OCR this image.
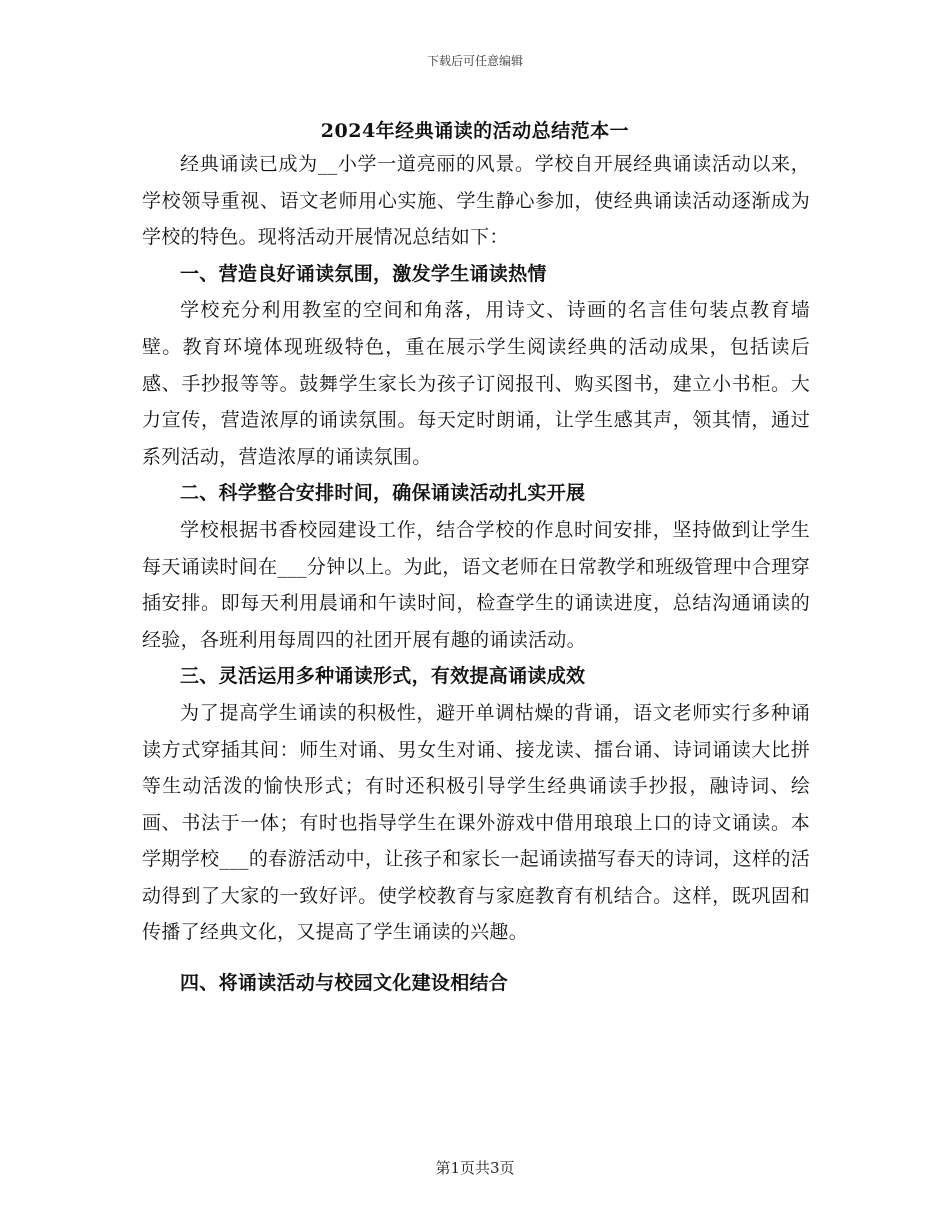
下载后可任意编辑
2024年经典诵读的活动总结范本一

经典诵读已成为__小学一道亮丽的风景。学校自开展经典诵读活动以来，学校领导重视、语文老师用心实施、学生静心参加，使经典诵读活动逐渐成为学校的特色。现将活动开展情况总结如下：

一、营造良好诵读氛围，激发学生诵读热情

学校充分利用教室的空间和角落，用诗文、诗画的名言佳句装点教育墙壁。教育环境体现班级特色，重在展示学生阅读经典的活动成果，包括读后感、手抄报等等。鼓舞学生家长为孩子订阅报刊、购买图书，建立小书柜。大力宣传，营造浓厚的诵读氛围。每天定时朗诵，让学生感其声，领其情，通过系列活动，营造浓厚的诵读氛围。

二、科学整合安排时间，确保诵读活动扎实开展

学校根据书香校园建设工作，结合学校的作息时间安排，坚持做到让学生每天诵读时间在___分钟以上。为此，语文老师在日常教学和班级管理中合理穿插安排。即每天利用晨诵和午读时间，检查学生的诵读进度，总结沟通诵读的经验，各班利用每周四的社团开展有趣的诵读活动。

三、灵活运用多种诵读形式，有效提高诵读成效

为了提高学生诵读的积极性，避开单调枯燥的背诵，语文老师实行多种诵读方式穿插其间：师生对诵、男女生对诵、接龙读、擂台诵、诗词诵读大比拼等生动活泼的愉快形式；有时还积极引导学生经典诵读手抄报，融诗词、绘画、书法于一体；有时也指导学生在课外游戏中借用琅琅上口的诗文诵读。本学期学校___的春游活动中，让孩子和家长一起诵读描写春天的诗词，这样的活动得到了大家的一致好评。使学校教育与家庭教育有机结合。这样，既巩固和传播了经典文化，又提高了学生诵读的兴趣。

四、将诵读活动与校园文化建设相结合

第1页共3页
